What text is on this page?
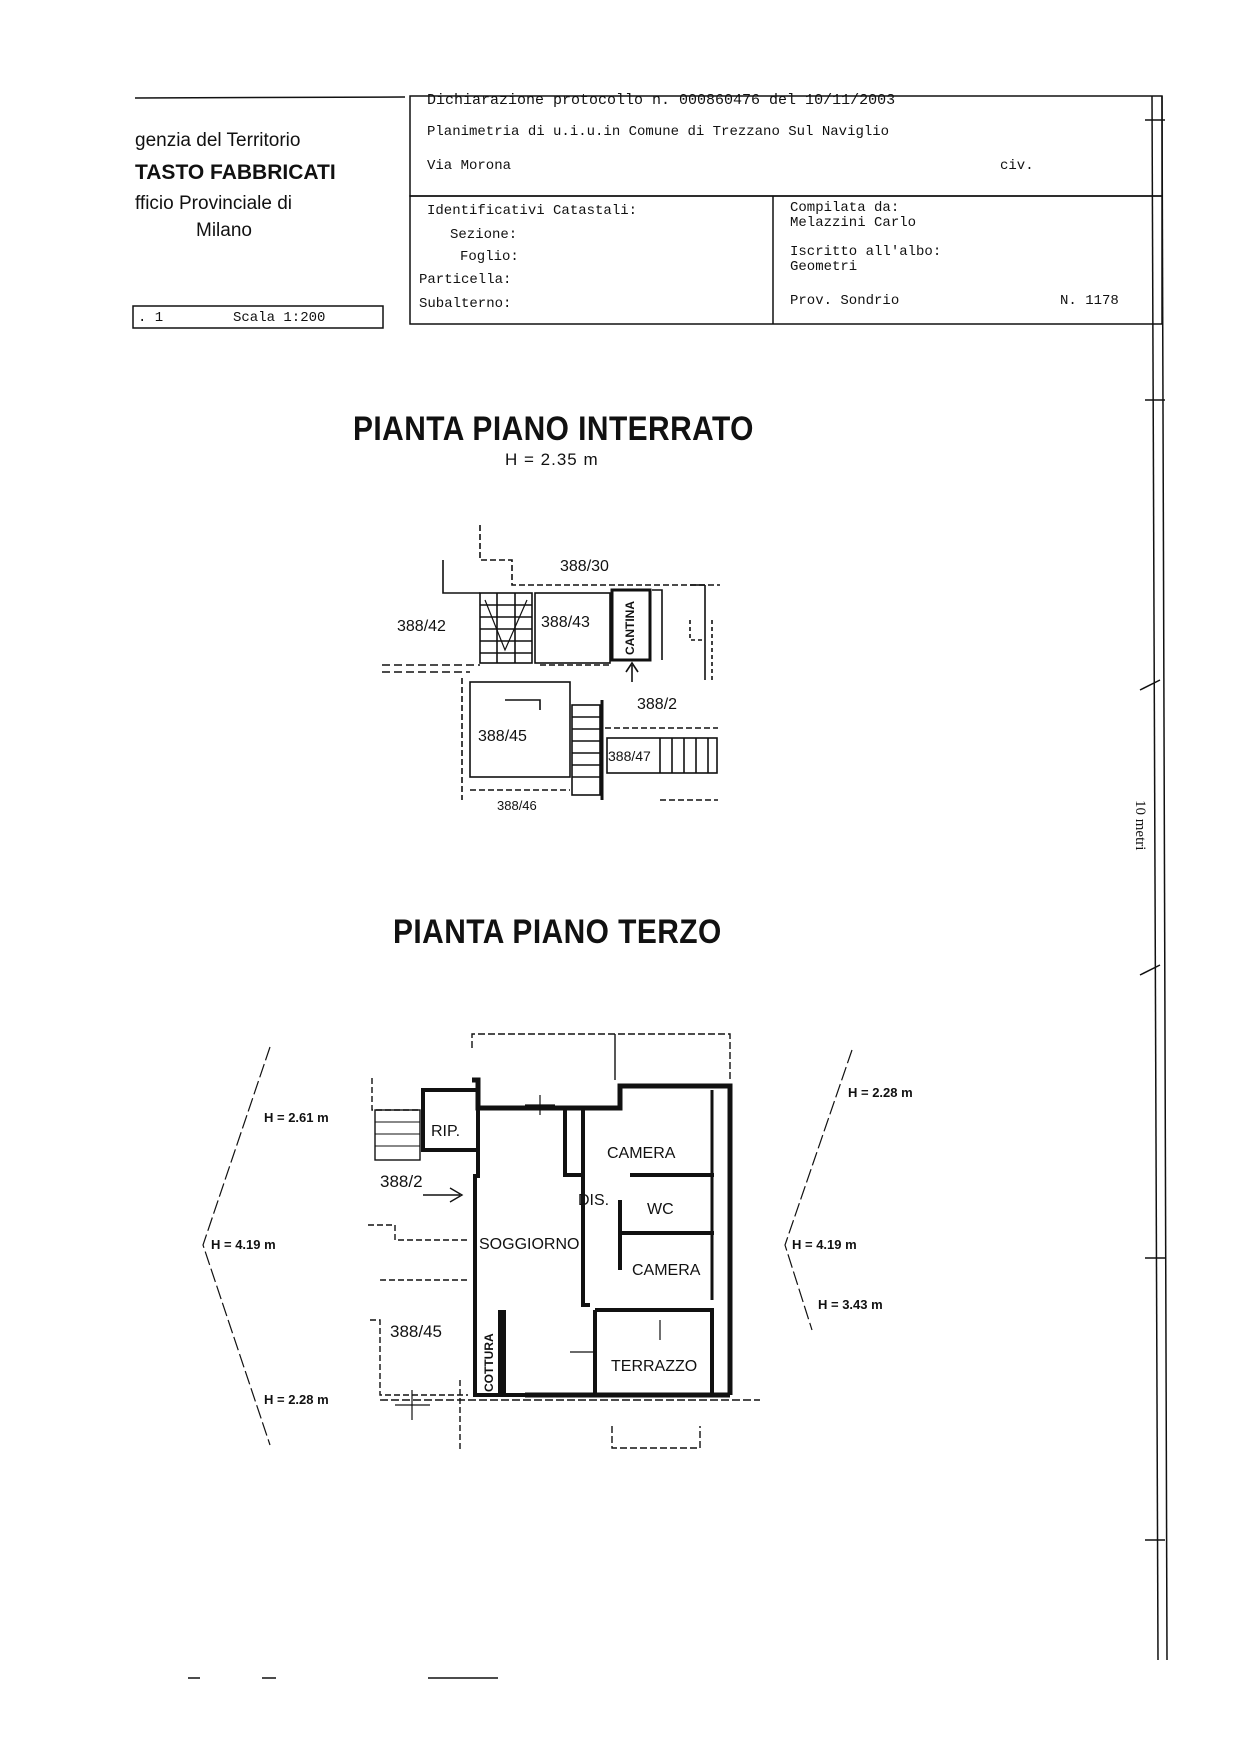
genzia del Territorio
TASTO FABBRICATI
fficio Provinciale di
Milano
. 1	Scala 1:200
Dichiarazione protocollo n. 000860476 del 10/11/2003
Planimetria di u.i.u.in Comune di Trezzano Sul Naviglio
Via Morona	civ.
Identificativi Catastali:
Sezione:
Foglio:
Particella:
Subalterno:
Compilata da:
Melazzini Carlo
Iscritto all'albo:
Geometri
Prov. Sondrio	N. 1178
10 metri
PIANTA PIANO INTERRATO
H = 2.35 m
388/30
388/42	388/43	CANTINA
388/2
388/45
388/47
388/46
PIANTA PIANO TERZO
H = 2.61 m
H = 4.19 m
H = 2.28 m
H = 2.28 m
H = 4.19 m
H = 3.43 m
RIP.
388/2
CAMERA
DIS.
WC
SOGGIORNO
CAMERA
388/45
COTTURA	TERRAZZO
